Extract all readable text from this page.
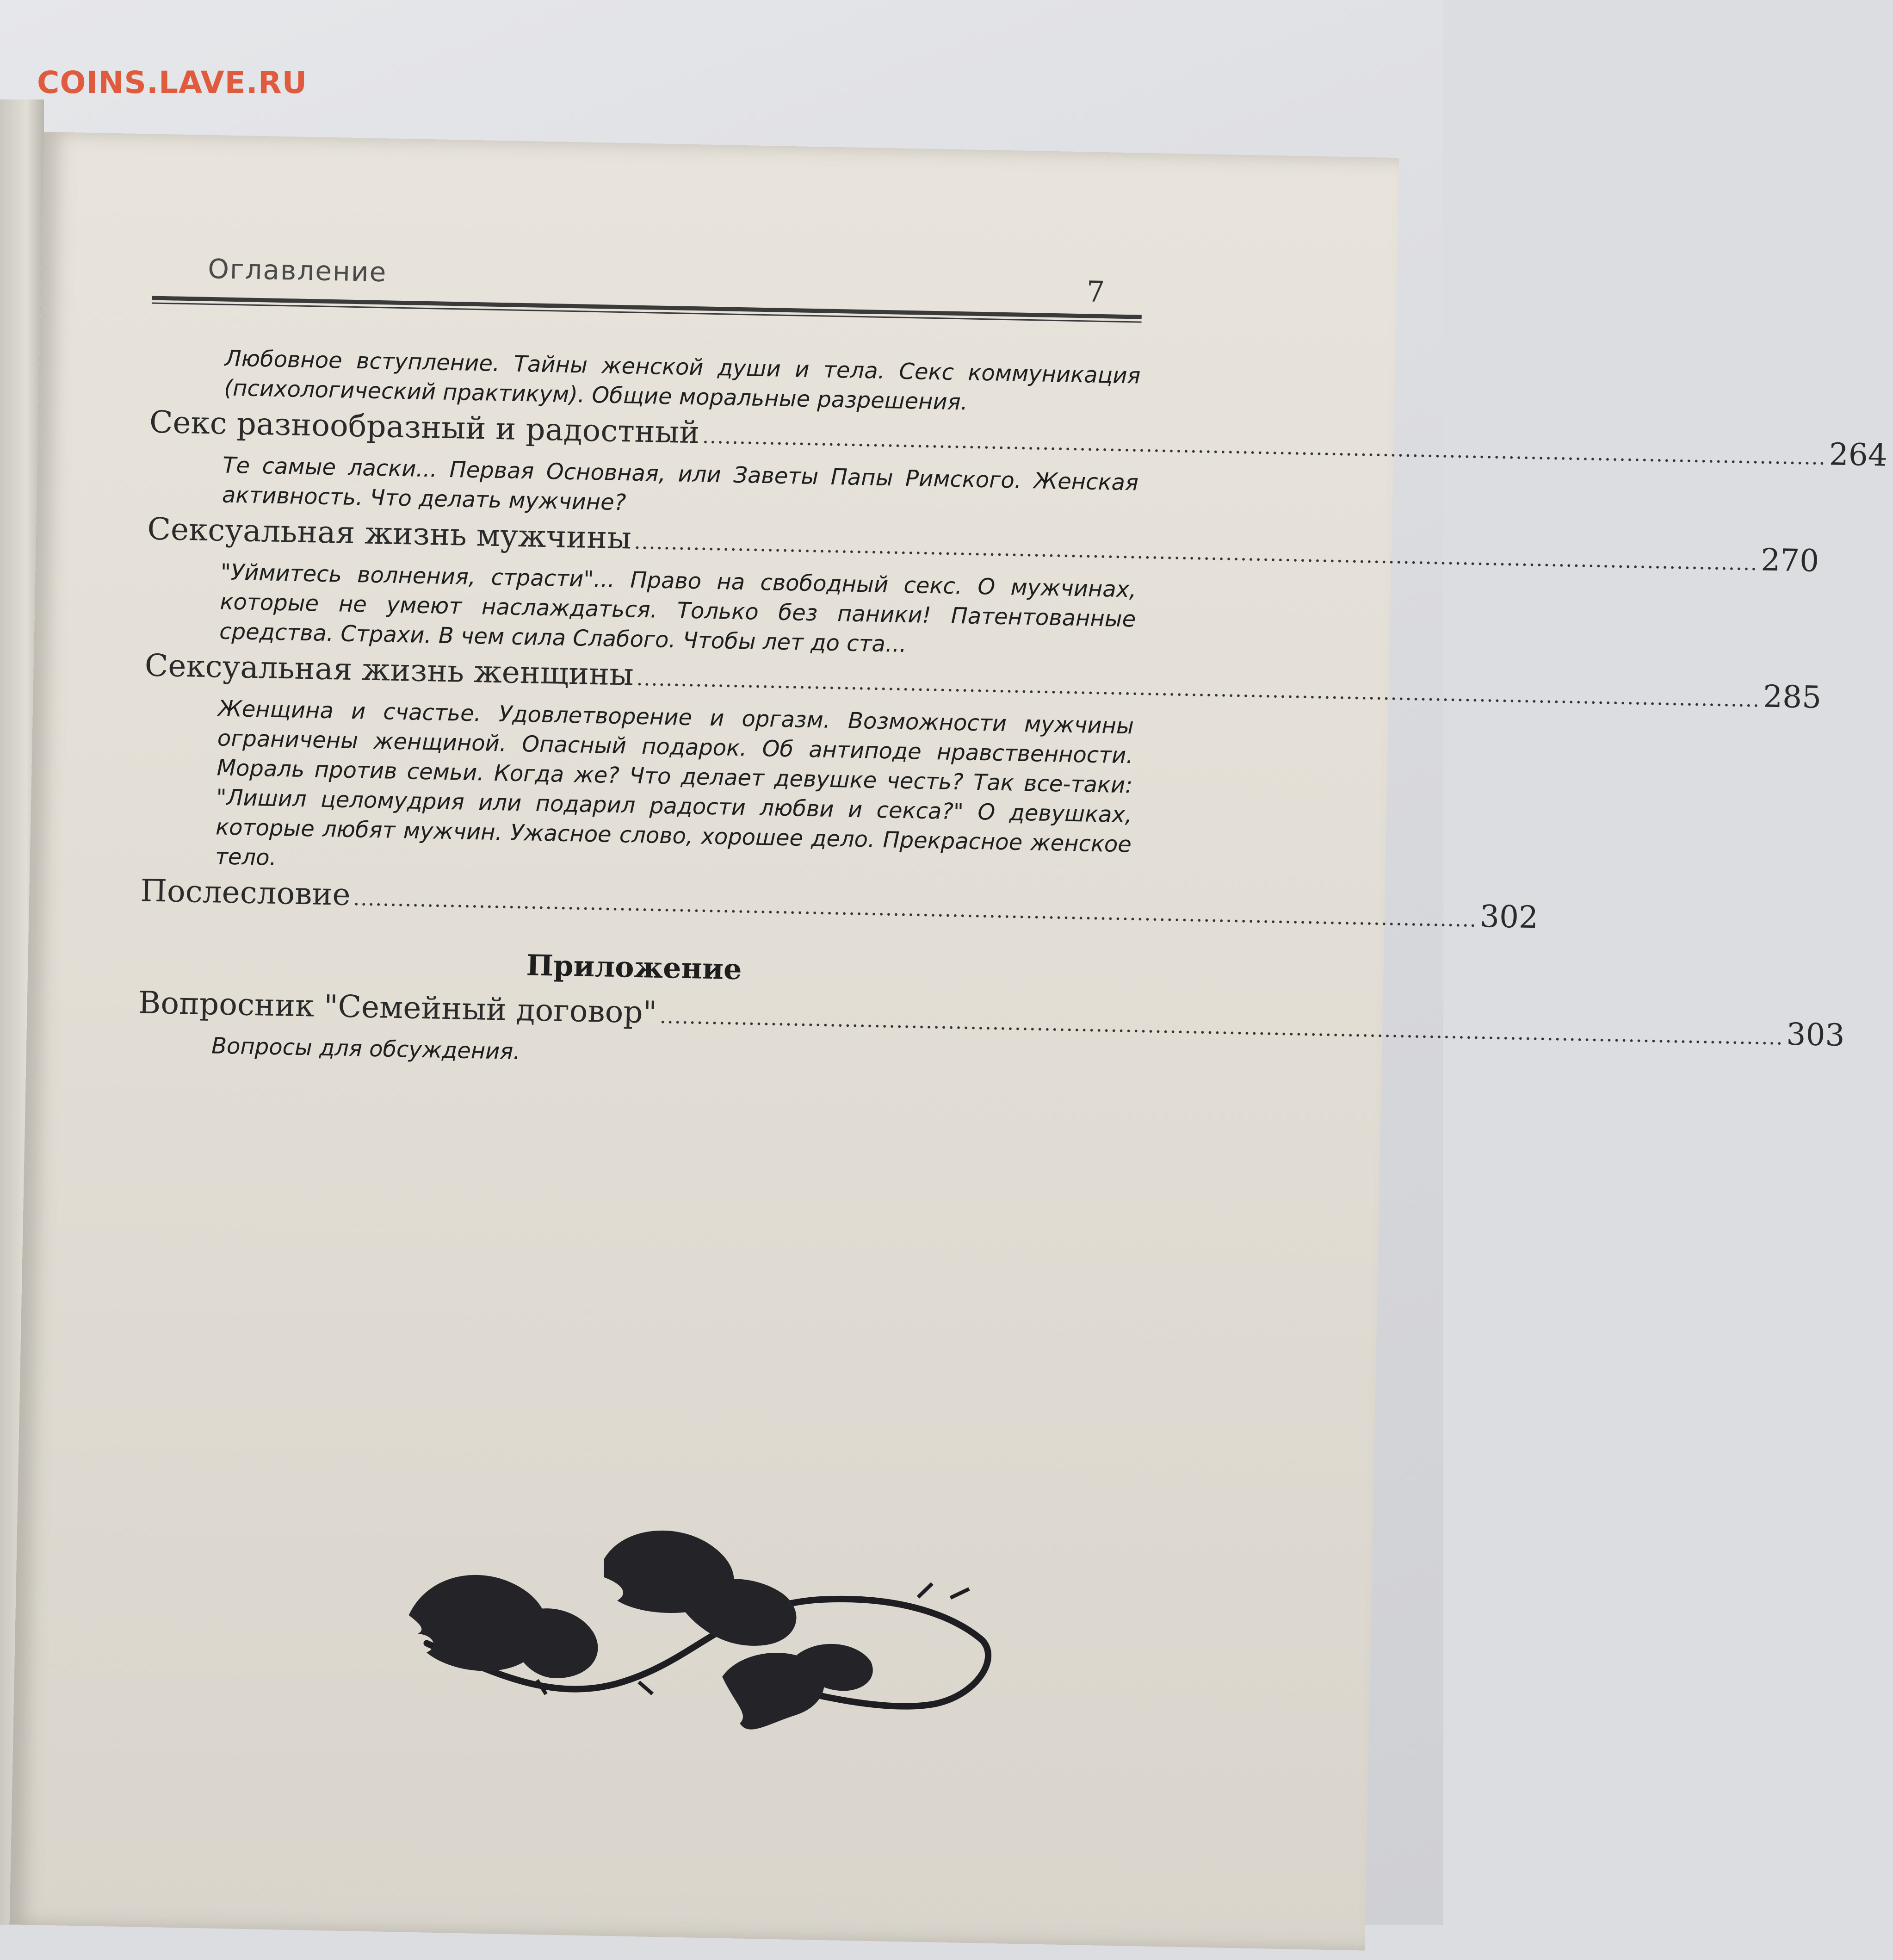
Оглавление
7

Любовное вступление. Тайны женской души и тела. Секс коммуникация (психологический практикум). Общие моральные разрешения.

Секс разнообразный и радостный ........................................................................................................................................................ 264

Те самые ласки... Первая Основная, или Заветы Папы Римского. Женская активность. Что делать мужчине?

Сексуальная жизнь мужчины ........................................................................................................................................................ 270

"Уймитесь волнения, страсти"... Право на свободный секс. О мужчинах, которые не умеют наслаждаться. Только без паники! Патентованные средства. Страхи. В чем сила Слабого. Чтобы лет до ста...

Сексуальная жизнь женщины ........................................................................................................................................................ 285

Женщина и счастье. Удовлетворение и оргазм. Возможности мужчины ограничены женщиной. Опасный подарок. Об антиподе нравственности. Мораль против семьи. Когда же? Что делает девушке честь? Так все-таки: "Лишил целомудрия или подарил радости любви и секса?" О девушках, которые любят мужчин. Ужасное слово, хорошее дело. Прекрасное женское тело.

Послесловие ........................................................................................................................................................ 302
Приложение
Вопросник "Семейный договор" ........................................................................................................................................................ 303

Вопросы для обсуждения.

COINS.LAVE.RU
